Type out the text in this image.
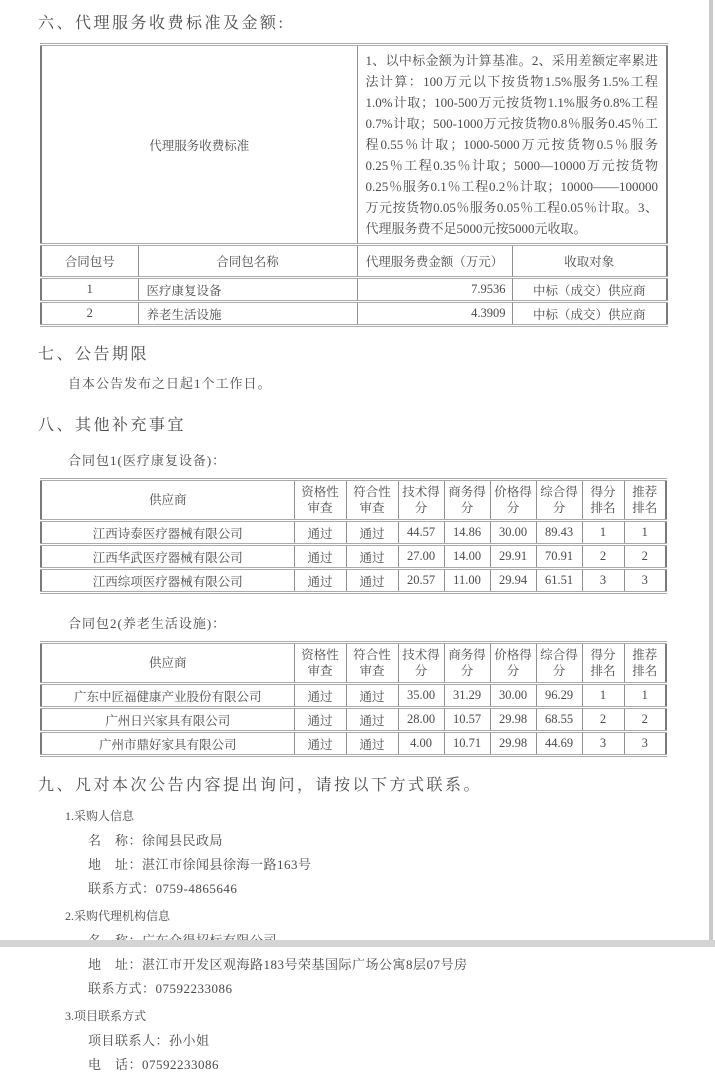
六、代理服务收费标准及金额:
代理服务收费标准		1、以中标金额为计算基准。2、采用差额定率累进法计算：100万元以下按货物1.5%服务1.5%工程1.0%计取；100-500万元按货物1.1%服务0.8%工程0.7%计取；500-1000万元按货物0.8％服务0.45％工程0.55％计取；1000-5000万元按货物0.5％服务0.25％工程0.35％计取；5000—10000万元按货物0.25％服务0.1％工程0.2％计取；10000——100000万元按货物0.05％服务0.05％工程0.05％计取。3、代理服务费不足5000元按5000元收取。	
合同包号	合同包名称	代理服务费金额（万元）	收取对象
1	医疗康复设备	7.9536	中标（成交）供应商
2	养老生活设施	4.3909	中标（成交）供应商
七、公告期限
自本公告发布之日起1个工作日。
八、其他补充事宜
合同包1(医疗康复设备)：
供应商	资格性审查	符合性审查	技术得分	商务得分	价格得分	综合得分	得分排名	推荐排名
江西诗泰医疗器械有限公司	通过	通过	44.57	14.86	30.00	89.43	1	1
江西华武医疗器械有限公司	通过	通过	27.00	14.00	29.91	70.91	2	2
江西综项医疗器械有限公司	通过	通过	20.57	11.00	29.94	61.51	3	3
合同包2(养老生活设施)：
供应商	资格性审查	符合性审查	技术得分	商务得分	价格得分	综合得分	得分排名	推荐排名
广东中匠福健康产业股份有限公司	通过	通过	35.00	31.29	30.00	96.29	1	1
广州日兴家具有限公司	通过	通过	28.00	10.57	29.98	68.55	2	2
广州市鼎好家具有限公司	通过	通过	4.00	10.71	29.98	44.69	3	3
九、凡对本次公告内容提出询问，请按以下方式联系。
1.采购人信息
名　称：徐闻县民政局
地　址：湛江市徐闻县徐海一路163号
联系方式：0759-4865646
2.采购代理机构信息
地　址：湛江市开发区观海路183号荣基国际广场公寓8层07号房
联系方式：07592233086
3.项目联系方式
项目联系人：孙小姐
电　话：07592233086
